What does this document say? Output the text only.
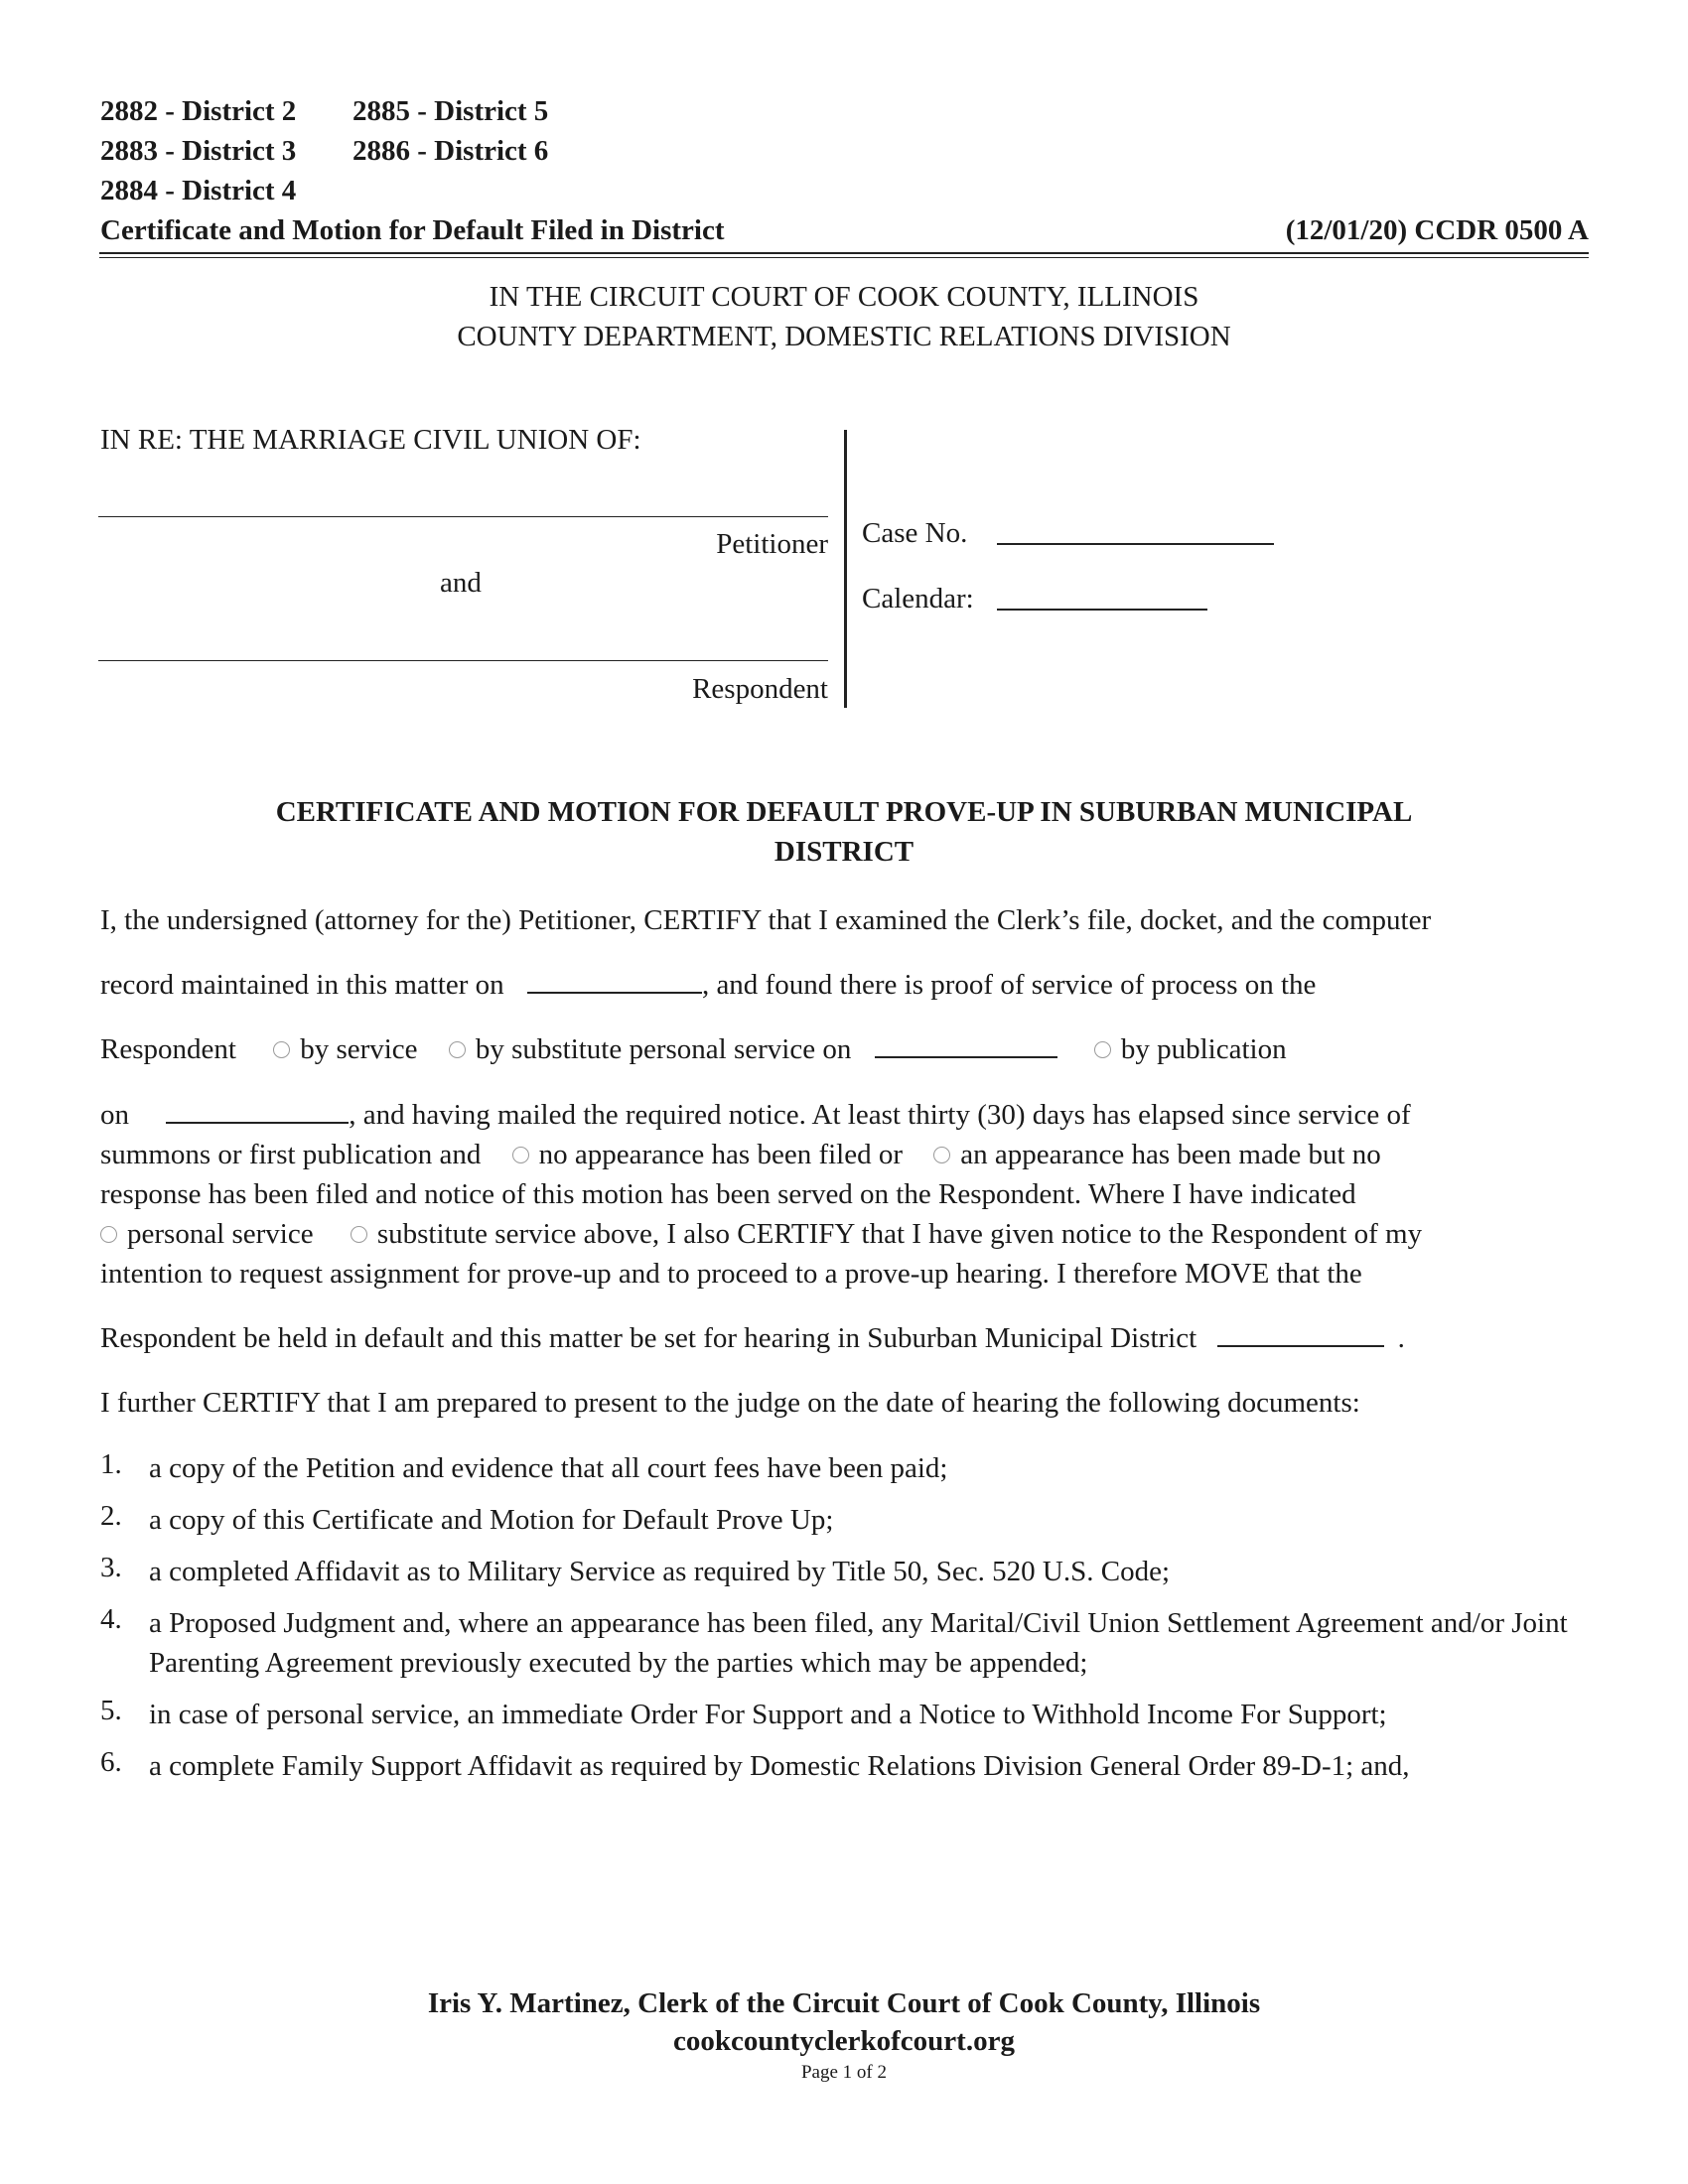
2882 - District 2
2883 - District 3
2884 - District 4
2885 - District 5
2886 - District 6
Certificate and Motion for Default Filed in District	(12/01/20) CCDR 0500 A
IN THE CIRCUIT COURT OF COOK COUNTY, ILLINOIS
COUNTY DEPARTMENT, DOMESTIC RELATIONS DIVISION
IN RE: THE MARRIAGE CIVIL UNION OF:
Petitioner
and
Respondent
Case No.
Calendar:
CERTIFICATE AND MOTION FOR DEFAULT PROVE-UP IN SUBURBAN MUNICIPAL
DISTRICT
I, the undersigned (attorney for the) Petitioner, CERTIFY that I examined the Clerk’s file, docket, and the computer
record maintained in this matter on	, and found there is proof of service of process on the
Respondent by service by substitute personal service on	by publication
on	, and having mailed the required notice. At least thirty (30) days has elapsed since service of
summons or first publication and no appearance has been filed or an appearance has been made but no
response has been filed and notice of this motion has been served on the Respondent. Where I have indicated
personal service substitute service above, I also CERTIFY that I have given notice to the Respondent of my
intention to request assignment for prove-up and to proceed to a prove-up hearing. I therefore MOVE that the
Respondent be held in default and this matter be set for hearing in Suburban Municipal District	.
I further CERTIFY that I am prepared to present to the judge on the date of hearing the following documents:
1. a copy of the Petition and evidence that all court fees have been paid;
2. a copy of this Certificate and Motion for Default Prove Up;
3. a completed Affidavit as to Military Service as required by Title 50, Sec. 520 U.S. Code;
4. a Proposed Judgment and, where an appearance has been filed, any Marital/Civil Union Settlement Agreement and/or Joint Parenting Agreement previously executed by the parties which may be appended;
5. in case of personal service, an immediate Order For Support and a Notice to Withhold Income For Support;
6. a complete Family Support Affidavit as required by Domestic Relations Division General Order 89-D-1; and,
Iris Y. Martinez, Clerk of the Circuit Court of Cook County, Illinois
cookcountyclerkofcourt.org
Page 1 of 2
